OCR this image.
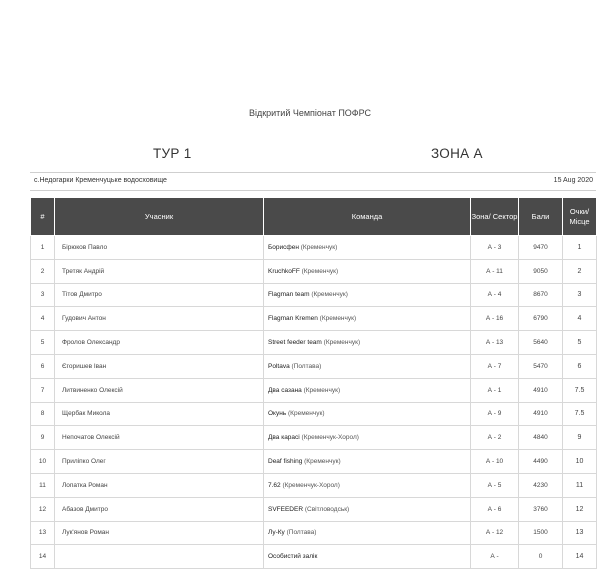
Відкритий Чемпіонат ПОФРС
ТУР 1	ЗОНА А
с.Недогарки Кременчуцьке водосховище	15 Aug 2020
#	Учасник	Команда	Зона/ Сектор	Бали	Очки/ Місце
1	Бірюков Павло	Борисфен (Кременчук)	А - 3	9470	1
2	Третяк Андрій	KruchkoFF (Кременчук)	А - 11	9050	2
3	Тітов Дмитро	Flagman team (Кременчук)	А - 4	8670	3
4	Гудович Антон	Flagman Kremen (Кременчук)	А - 16	6790	4
5	Фролов Олександр	Street feeder team (Кременчук)	А - 13	5640	5
6	Єгоришев Іван	Poltava (Полтава)	А - 7	5470	6
7	Литвиненко Олексій	Два сазана (Кременчук)	А - 1	4910	7.5
8	Щербак Микола	Окунь (Кременчук)	А - 9	4910	7.5
9	Непочатов Олексій	Два карасі (Кременчук-Хорол)	А - 2	4840	9
10	Приліпко Олег	Deaf fishing (Кременчук)	А - 10	4490	10
11	Лопатка Роман	7.62 (Кременчук-Хорол)	А - 5	4230	11
12	Абазов Дмитро	SVFEEDER (Світловодськ)	А - 6	3760	12
13	Лук'янов Роман	Лу-Ку (Полтава)	А - 12	1500	13
14		Особистий залік	А -	0	14
